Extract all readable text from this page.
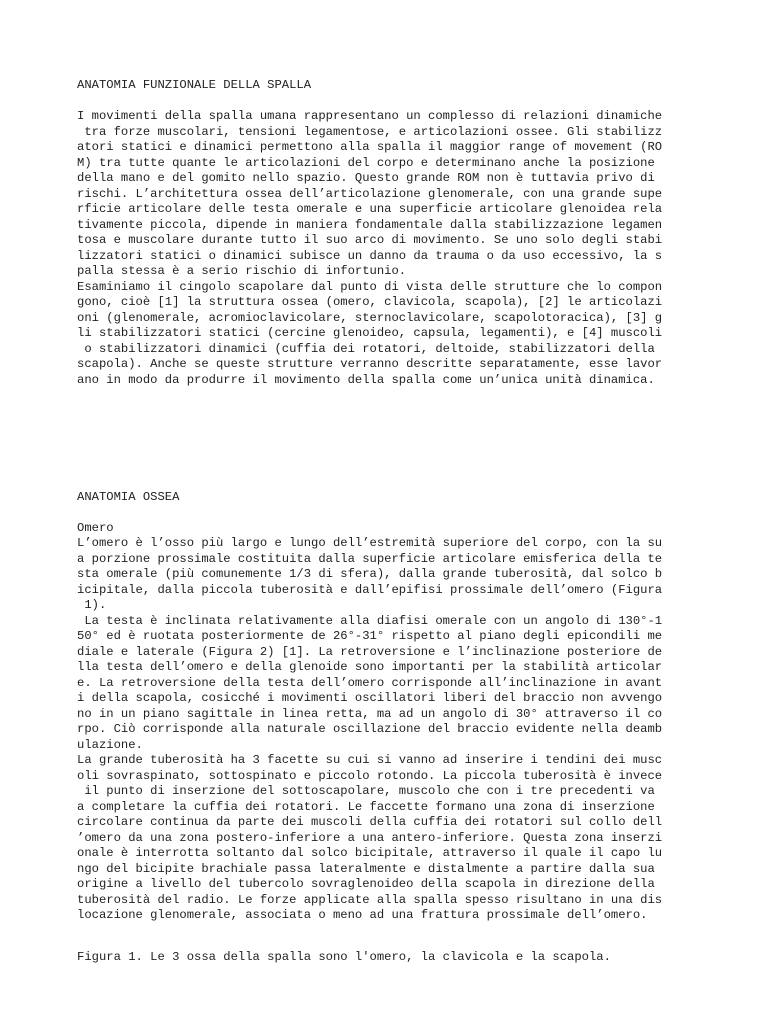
ANATOMIA FUNZIONALE DELLA SPALLA
I movimenti della spalla umana rappresentano un complesso di relazioni dinamiche
tra forze muscolari, tensioni legamentose, e articolazioni ossee. Gli stabilizz
atori statici e dinamici permettono alla spalla il maggior range of movement (RO
M) tra tutte quante le articolazioni del corpo e determinano anche la posizione
della mano e del gomito nello spazio. Questo grande ROM non è tuttavia privo di
rischi. L’architettura ossea dell’articolazione glenomerale, con una grande supe
rficie articolare delle testa omerale e una superficie articolare glenoidea rela
tivamente piccola, dipende in maniera fondamentale dalla stabilizzazione legamen
tosa e muscolare durante tutto il suo arco di movimento. Se uno solo degli stabi
lizzatori statici o dinamici subisce un danno da trauma o da uso eccessivo, la s
palla stessa è a serio rischio di infortunio.
Esaminiamo il cingolo scapolare dal punto di vista delle strutture che lo compon
gono, cioè [1] la struttura ossea (omero, clavicola, scapola), [2] le articolazi
oni (glenomerale, acromioclavicolare, sternoclavicolare, scapolotoracica), [3] g
li stabilizzatori statici (cercine glenoideo, capsula, legamenti), e [4] muscoli
o stabilizzatori dinamici (cuffia dei rotatori, deltoide, stabilizzatori della
scapola). Anche se queste strutture verranno descritte separatamente, esse lavor
ano in modo da produrre il movimento della spalla come un’unica unità dinamica.
ANATOMIA OSSEA
Omero
L’omero è l’osso più largo e lungo dell’estremità superiore del corpo, con la su
a porzione prossimale costituita dalla superficie articolare emisferica della te
sta omerale (più comunemente 1/3 di sfera), dalla grande tuberosità, dal solco b
icipitale, dalla piccola tuberosità e dall’epifisi prossimale dell’omero (Figura
1).
La testa è inclinata relativamente alla diafisi omerale con un angolo di 130°-1
50° ed è ruotata posteriormente de 26°-31° rispetto al piano degli epicondili me
diale e laterale (Figura 2) [1]. La retroversione e l’inclinazione posteriore de
lla testa dell’omero e della glenoide sono importanti per la stabilità articolar
e. La retroversione della testa dell’omero corrisponde all’inclinazione in avant
i della scapola, cosicché i movimenti oscillatori liberi del braccio non avvengo
no in un piano sagittale in linea retta, ma ad un angolo di 30° attraverso il co
rpo. Ciò corrisponde alla naturale oscillazione del braccio evidente nella deamb
ulazione.
La grande tuberosità ha 3 facette su cui si vanno ad inserire i tendini dei musc
oli sovraspinato, sottospinato e piccolo rotondo. La piccola tuberosità è invece
il punto di inserzione del sottoscapolare, muscolo che con i tre precedenti va
a completare la cuffia dei rotatori. Le faccette formano una zona di inserzione
circolare continua da parte dei muscoli della cuffia dei rotatori sul collo dell
’omero da una zona postero-inferiore a una antero-inferiore. Questa zona inserzi
onale è interrotta soltanto dal solco bicipitale, attraverso il quale il capo lu
ngo del bicipite brachiale passa lateralmente e distalmente a partire dalla sua
origine a livello del tubercolo sovraglenoideo della scapola in direzione della
tuberosità del radio. Le forze applicate alla spalla spesso risultano in una dis
locazione glenomerale, associata o meno ad una frattura prossimale dell’omero.
Figura 1. Le 3 ossa della spalla sono l'omero, la clavicola e la scapola.
